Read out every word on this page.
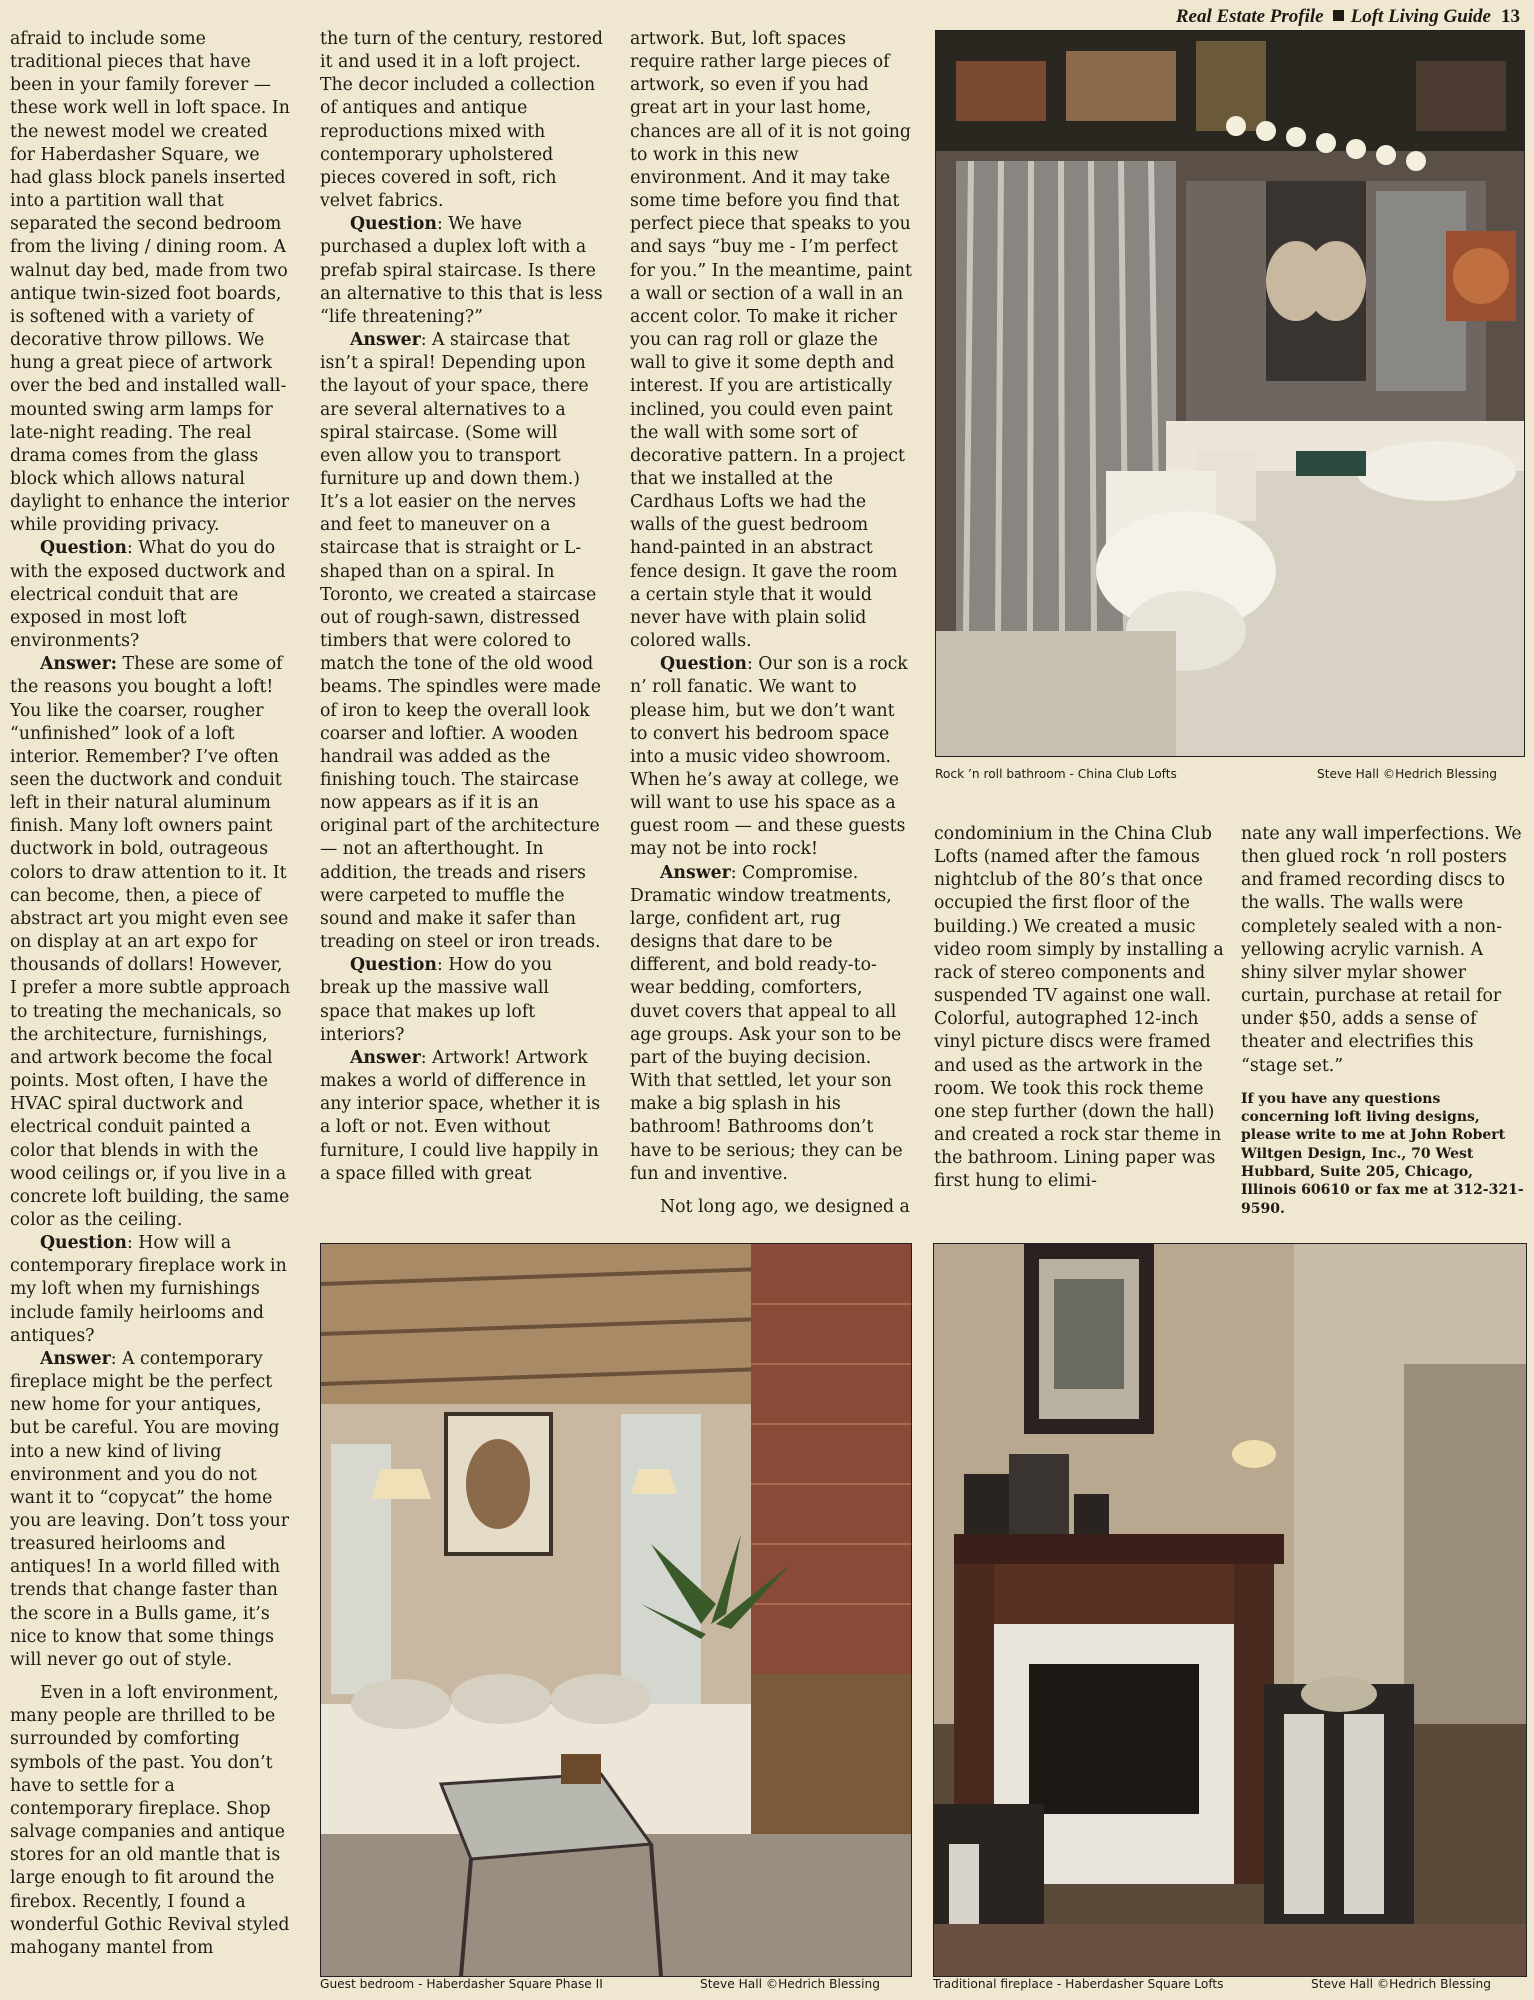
Real Estate Profile Loft Living Guide 13

afraid to include some traditional pieces that have been in your family forever — these work well in loft space. In the newest model we created for Haberdasher Square, we had glass block panels inserted into a partition wall that separated the second bedroom from the living / dining room. A walnut day bed, made from two antique twin-sized foot boards, is softened with a variety of decorative throw pillows. We hung a great piece of artwork over the bed and installed wall-mounted swing arm lamps for late-night reading. The real drama comes from the glass block which allows natural daylight to enhance the interior while providing privacy.

Question: What do you do with the exposed ductwork and electrical conduit that are exposed in most loft environments?

Answer: These are some of the reasons you bought a loft! You like the coarser, rougher “unfinished” look of a loft interior. Remember? I’ve often seen the ductwork and conduit left in their natural aluminum finish. Many loft owners paint ductwork in bold, outrageous colors to draw attention to it. It can become, then, a piece of abstract art you might even see on display at an art expo for thousands of dollars! However, I prefer a more subtle approach to treating the mechanicals, so the architecture, furnishings, and artwork become the focal points. Most often, I have the HVAC spiral ductwork and electrical conduit painted a color that blends in with the wood ceilings or, if you live in a concrete loft building, the same color as the ceiling.

Question: How will a contemporary fireplace work in my loft when my furnishings include family heirlooms and antiques?

Answer: A contemporary fireplace might be the perfect new home for your antiques, but be careful. You are moving into a new kind of living environment and you do not want it to “copycat” the home you are leaving. Don’t toss your treasured heirlooms and antiques! In a world filled with trends that change faster than the score in a Bulls game, it’s nice to know that some things will never go out of style.

Even in a loft environment, many people are thrilled to be surrounded by comforting symbols of the past. You don’t have to settle for a contemporary fireplace. Shop salvage companies and antique stores for an old mantle that is large enough to fit around the firebox. Recently, I found a wonderful Gothic Revival styled mahogany mantel from

the turn of the century, restored it and used it in a loft project. The decor included a collection of antiques and antique reproductions mixed with contemporary upholstered pieces covered in soft, rich velvet fabrics.

Question: We have purchased a duplex loft with a prefab spiral staircase. Is there an alternative to this that is less “life threatening?”

Answer: A staircase that isn’t a spiral! Depending upon the layout of your space, there are several alternatives to a spiral staircase. (Some will even allow you to transport furniture up and down them.) It’s a lot easier on the nerves and feet to maneuver on a staircase that is straight or L-shaped than on a spiral. In Toronto, we created a staircase out of rough-sawn, distressed timbers that were colored to match the tone of the old wood beams. The spindles were made of iron to keep the overall look coarser and loftier. A wooden handrail was added as the finishing touch. The staircase now appears as if it is an original part of the architecture — not an afterthought. In addition, the treads and risers were carpeted to muffle the sound and make it safer than treading on steel or iron treads.

Question: How do you break up the massive wall space that makes up loft interiors?

Answer: Artwork! Artwork makes a world of difference in any interior space, whether it is a loft or not. Even without furniture, I could live happily in a space filled with great

artwork. But, loft spaces require rather large pieces of artwork, so even if you had great art in your last home, chances are all of it is not going to work in this new environment. And it may take some time before you find that perfect piece that speaks to you and says “buy me - I’m perfect for you.” In the meantime, paint a wall or section of a wall in an accent color. To make it richer you can rag roll or glaze the wall to give it some depth and interest. If you are artistically inclined, you could even paint the wall with some sort of decorative pattern. In a project that we installed at the Cardhaus Lofts we had the walls of the guest bedroom hand-painted in an abstract fence design. It gave the room a certain style that it would never have with plain solid colored walls.

Question: Our son is a rock n’ roll fanatic. We want to please him, but we don’t want to convert his bedroom space into a music video showroom. When he’s away at college, we will want to use his space as a guest room — and these guests may not be into rock!

Answer: Compromise. Dramatic window treatments, large, confident art, rug designs that dare to be different, and bold ready-to-wear bedding, comforters, duvet covers that appeal to all age groups. Ask your son to be part of the buying decision. With that settled, let your son make a big splash in his bathroom! Bathrooms don’t have to be serious; they can be fun and inventive.

Not long ago, we designed a

condominium in the China Club Lofts (named after the famous nightclub of the 80’s that once occupied the first floor of the building.) We created a music video room simply by installing a rack of stereo components and suspended TV against one wall. Colorful, autographed 12-inch vinyl picture discs were framed and used as the artwork in the room. We took this rock theme one step further (down the hall) and created a rock star theme in the bathroom. Lining paper was first hung to elimi-

nate any wall imperfections. We then glued rock ‘n roll posters and framed recording discs to the walls. The walls were completely sealed with a non-yellowing acrylic varnish. A shiny silver mylar shower curtain, purchase at retail for under $50, adds a sense of theater and electrifies this “stage set.”

If you have any questions concerning loft living designs, please write to me at John Robert Wiltgen Design, Inc., 70 West Hubbard, Suite 205, Chicago, Illinois 60610 or fax me at 312-321-9590.

Rock ’n roll bathroom - China Club Lofts	Steve Hall ©Hedrich Blessing
Guest bedroom - Haberdasher Square Phase II	Steve Hall ©Hedrich Blessing	Traditional fireplace - Haberdasher Square Lofts	Steve Hall ©Hedrich Blessing
